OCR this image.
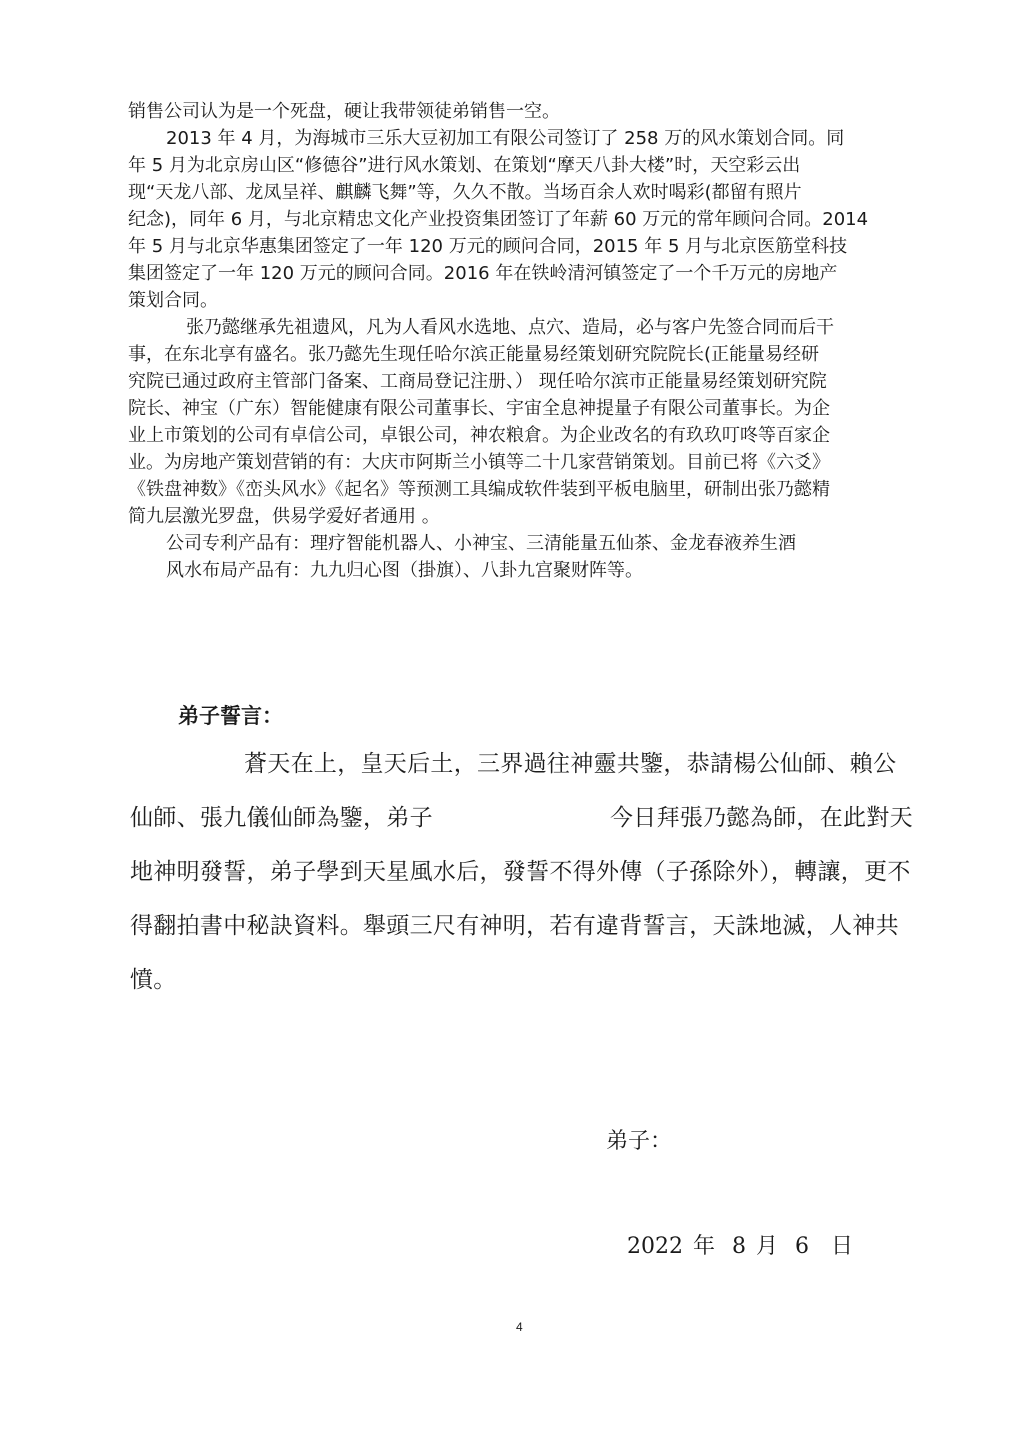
销售公司认为是一个死盘，硬让我带领徒弟销售一空。
2013 年 4 月，为海城市三乐大豆初加工有限公司签订了 258 万的风水策划合同。同
年 5 月为北京房山区“修德谷”进行风水策划、在策划“摩天八卦大楼”时，天空彩云出
现“天龙八部、龙凤呈祥、麒麟飞舞”等，久久不散。当场百余人欢时喝彩(都留有照片
纪念)，同年 6 月，与北京精忠文化产业投资集团签订了年薪 60 万元的常年顾问合同。2014
年 5 月与北京华惠集团签定了一年 120 万元的顾问合同，2015 年 5 月与北京医筋堂科技
集团签定了一年 120 万元的顾问合同。2016 年在铁岭清河镇签定了一个千万元的房地产
策划合同。
张乃懿继承先祖遗风，凡为人看风水选地、点穴、造局，必与客户先签合同而后干
事，在东北享有盛名。张乃懿先生现任哈尔滨正能量易经策划研究院院长(正能量易经研
究院已通过政府主管部门备案、工商局登记注册、） 现任哈尔滨市正能量易经策划研究院
院长、神宝（广东）智能健康有限公司董事长、宇宙全息神提量子有限公司董事长。为企
业上市策划的公司有卓信公司，卓银公司，神农粮倉。为企业改名的有玖玖叮咚等百家企
业。为房地产策划营销的有：大庆市阿斯兰小镇等二十几家营销策划。目前已将《六爻》
《铁盘神数》《峦头风水》《起名》等预测工具编成软件装到平板电脑里，研制出张乃懿精
简九层激光罗盘，供易学爱好者通用 。
公司专利产品有：理疗智能机器人、小神宝、三清能量五仙茶、金龙春液养生酒
风水布局产品有：九九归心图（掛旗）、八卦九宫聚财阵等。
弟子誓言：
蒼天在上，皇天后土，三界過往神靈共鑒，恭請楊公仙師、賴公
仙師、張九儀仙師為鑒，弟子	今日拜張乃懿為師，在此對天
地神明發誓，弟子學到天星風水后，發誓不得外傳（子孫除外），轉讓，更不
得翻拍書中秘訣資料。舉頭三尺有神明，若有違背誓言，天誅地滅，人神共
憤。
弟子：
2022 年 8 月 6 日
4
